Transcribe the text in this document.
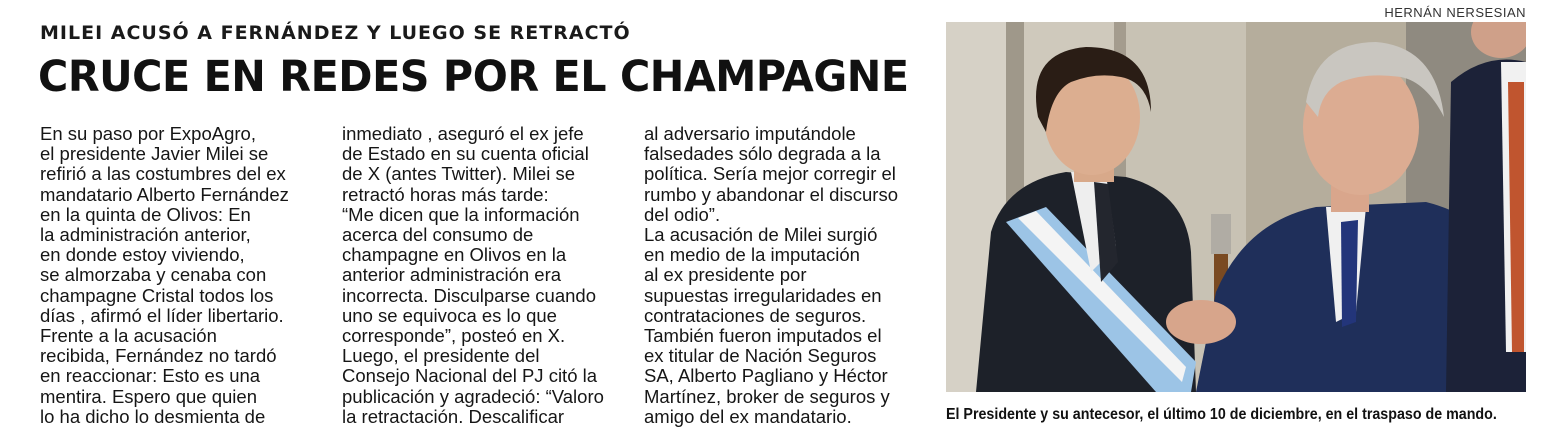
MILEI ACUSÓ A FERNÁNDEZ Y LUEGO SE RETRACTÓ
CRUCE EN REDES POR EL CHAMPAGNE

En su paso por ExpoAgro,

el presidente Javier Milei se

refirió a las costumbres del ex

mandatario Alberto Fernández

en la quinta de Olivos: En

la administración anterior,

en donde estoy viviendo,

se almorzaba y cenaba con

champagne Cristal todos los

días , afirmó el líder libertario.

Frente a la acusación

recibida, Fernández no tardó

en reaccionar: Esto es una

mentira. Espero que quien

lo ha dicho lo desmienta de

inmediato , aseguró el ex jefe

de Estado en su cuenta oficial

de X (antes Twitter). Milei se

retractó horas más tarde:

“Me dicen que la información

acerca del consumo de

champagne en Olivos en la

anterior administración era

incorrecta. Disculparse cuando

uno se equivoca es lo que

corresponde”, posteó en X.

Luego, el presidente del

Consejo Nacional del PJ citó la

publicación y agradeció: “Valoro

la retractación. Descalificar

al adversario imputándole

falsedades sólo degrada a la

política. Sería mejor corregir el

rumbo y abandonar el discurso

del odio”.

La acusación de Milei surgió

en medio de la imputación

al ex presidente por

supuestas irregularidades en

contrataciones de seguros.

También fueron imputados el

ex titular de Nación Seguros

SA, Alberto Pagliano y Héctor

Martínez, broker de seguros y

amigo del ex mandatario.

HERNÁN NERSESIAN
El Presidente y su antecesor, el último 10 de diciembre, en el traspaso de mando.
